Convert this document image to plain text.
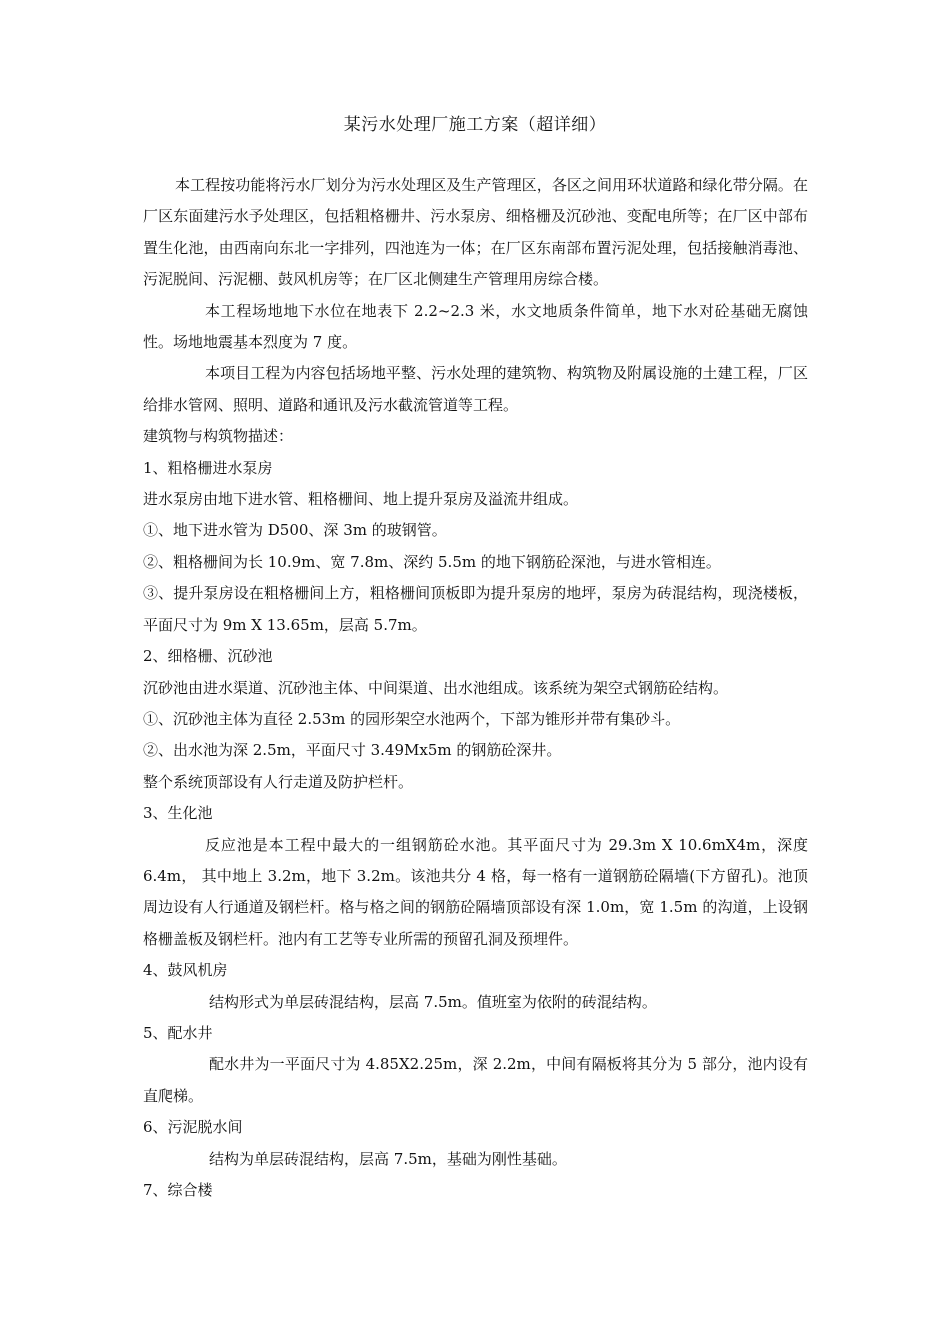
某污水处理厂施工方案（超详细）

本工程按功能将污水厂划分为污水处理区及生产管理区，各区之间用环状道路和绿化带分隔。在厂区东面建污水予处理区，包括粗格栅井、污水泵房、细格栅及沉砂池、变配电所等；在厂区中部布置生化池，由西南向东北一字排列，四池连为一体；在厂区东南部布置污泥处理，包括接触消毒池、污泥脱间、污泥棚、鼓风机房等；在厂区北侧建生产管理用房综合楼。

本工程场地地下水位在地表下 2.2~2.3 米，水文地质条件简单，地下水对砼基础无腐蚀性。场地地震基本烈度为 7 度。

本项目工程为内容包括场地平整、污水处理的建筑物、构筑物及附属设施的土建工程，厂区给排水管网、照明、道路和通讯及污水截流管道等工程。

建筑物与构筑物描述：

1、粗格栅进水泵房

进水泵房由地下进水管、粗格栅间、地上提升泵房及溢流井组成。

①、地下进水管为 D500、深 3m 的玻钢管。

②、粗格栅间为长 10.9m、宽 7.8m、深约 5.5m 的地下钢筋砼深池，与进水管相连。

③、提升泵房设在粗格栅间上方，粗格栅间顶板即为提升泵房的地坪，泵房为砖混结构，现浇楼板，平面尺寸为 9m X 13.65m，层高 5.7m。

2、细格栅、沉砂池

沉砂池由进水渠道、沉砂池主体、中间渠道、出水池组成。该系统为架空式钢筋砼结构。

①、沉砂池主体为直径 2.53m 的园形架空水池两个，下部为锥形并带有集砂斗。

②、出水池为深 2.5m，平面尺寸 3.49Mx5m 的钢筋砼深井。

整个系统顶部设有人行走道及防护栏杆。

3、生化池

反应池是本工程中最大的一组钢筋砼水池。其平面尺寸为 29.3m X 10.6mX4m，深度 6.4m， 其中地上 3.2m，地下 3.2m。该池共分 4 格，每一格有一道钢筋砼隔墙(下方留孔)。池顶周边设有人行通道及钢栏杆。格与格之间的钢筋砼隔墙顶部设有深 1.0m，宽 1.5m 的沟道，上设钢格栅盖板及钢栏杆。池内有工艺等专业所需的预留孔洞及预埋件。

4、鼓风机房

结构形式为单层砖混结构，层高 7.5m。值班室为依附的砖混结构。

5、配水井

配水井为一平面尺寸为 4.85X2.25m，深 2.2m，中间有隔板将其分为 5 部分，池内设有直爬梯。

6、污泥脱水间

结构为单层砖混结构，层高 7.5m，基础为刚性基础。

7、综合楼
